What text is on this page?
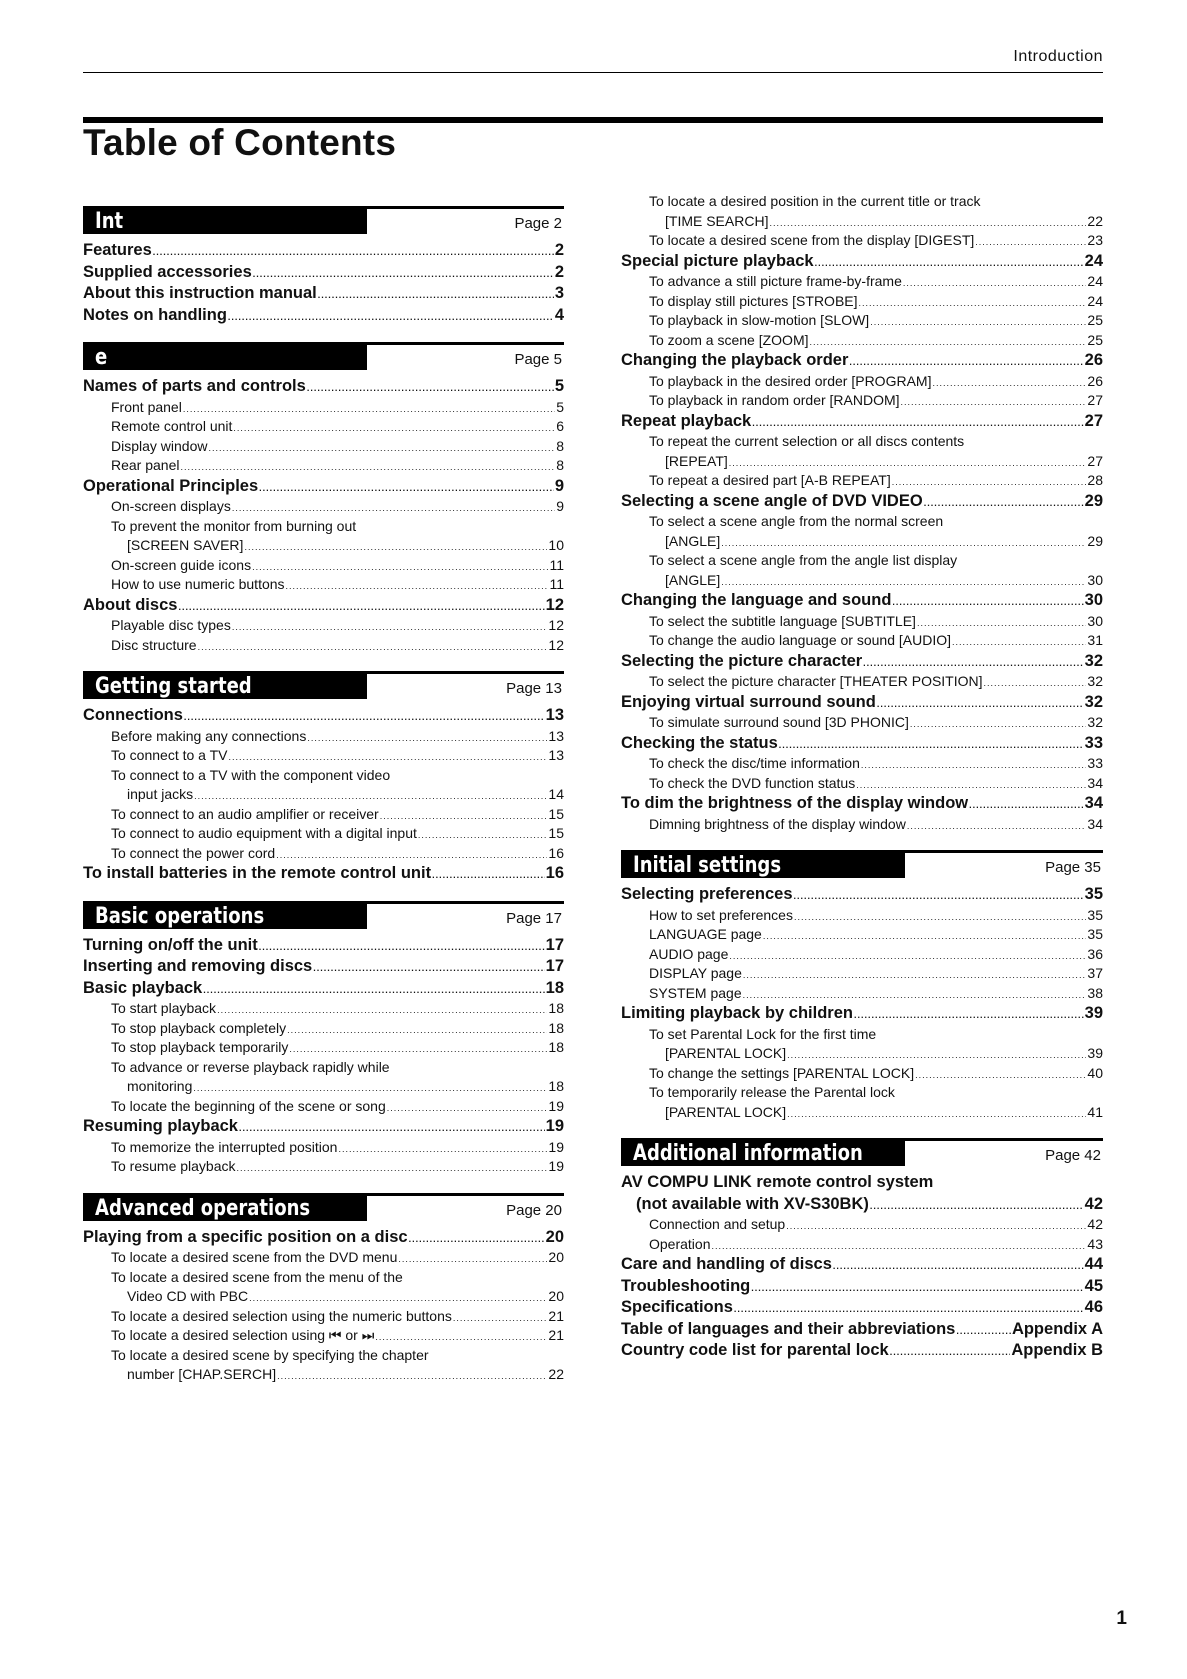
Introduction
Table of Contents
Int	Page 2
Features .....	2
Supplied accessories .....	2
About this instruction manual .....	3
Notes on handling .....	4
e	Page 5
Names of parts and controls .....	5
Front panel .....	5
Remote control unit .....	6
Display window .....	8
Rear panel .....	8
Operational Principles .....	9
On-screen displays .....	9
To prevent the monitor from burning out
[SCREEN SAVER] .....	10
On-screen guide icons .....	11
How to use numeric buttons .....	11
About discs .....	12
Playable disc types .....	12
Disc structure .....	12
Getting started	Page 13
Connections .....	13
Before making any connections .....	13
To connect to a TV .....	13
To connect to a TV with the component video
input jacks .....	14
To connect to an audio amplifier or receiver .....	15
To connect to audio equipment with a digital input .....	15
To connect the power cord .....	16
To install batteries in the remote control unit .....	16
Basic operations	Page 17
Turning on/off the unit .....	17
Inserting and removing discs .....	17
Basic playback .....	18
To start playback .....	18
To stop playback completely .....	18
To stop playback temporarily .....	18
To advance or reverse playback rapidly while
monitoring .....	18
To locate the beginning of the scene or song .....	19
Resuming playback .....	19
To memorize the interrupted position .....	19
To resume playback .....	19
Advanced operations	Page 20
Playing from a specific position on a disc .....	20
To locate a desired scene from the DVD menu .....	20
To locate a desired scene from the menu of the
Video CD with PBC .....	20
To locate a desired selection using the numeric buttons .....	21
To locate a desired selection using ⏮ or ⏭ .....	21
To locate a desired scene by specifying the chapter
number [CHAP.SERCH] .....	22
To locate a desired position in the current title or track
[TIME SEARCH] .....	22
To locate a desired scene from the display [DIGEST] .....	23
Special picture playback .....	24
To advance a still picture frame-by-frame .....	24
To display still pictures [STROBE] .....	24
To playback in slow-motion [SLOW] .....	25
To zoom a scene [ZOOM] .....	25
Changing the playback order .....	26
To playback in the desired order [PROGRAM] .....	26
To playback in random order [RANDOM] .....	27
Repeat playback .....	27
To repeat the current selection or all discs contents
[REPEAT] .....	27
To repeat a desired part [A-B REPEAT] .....	28
Selecting a scene angle of DVD VIDEO .....	29
To select a scene angle from the normal screen
[ANGLE] .....	29
To select a scene angle from the angle list display
[ANGLE] .....	30
Changing the language and sound .....	30
To select the subtitle language [SUBTITLE] .....	30
To change the audio language or sound [AUDIO] .....	31
Selecting the picture character .....	32
To select the picture character [THEATER POSITION] .....	32
Enjoying virtual surround sound .....	32
To simulate surround sound [3D PHONIC] .....	32
Checking the status .....	33
To check the disc/time information .....	33
To check the DVD function status .....	34
To dim the brightness of the display window .....	34
Dimning brightness of the display window .....	34
Initial settings	Page 35
Selecting preferences .....	35
How to set preferences .....	35
LANGUAGE page .....	35
AUDIO page .....	36
DISPLAY page .....	37
SYSTEM page .....	38
Limiting playback by children .....	39
To set Parental Lock for the first time
[PARENTAL LOCK] .....	39
To change the settings [PARENTAL LOCK] .....	40
To temporarily release the Parental lock
[PARENTAL LOCK] .....	41
Additional information	Page 42
AV COMPU LINK remote control system
(not available with XV-S30BK) .....	42
Connection and setup .....	42
Operation .....	43
Care and handling of discs .....	44
Troubleshooting .....	45
Specifications .....	46
Table of languages and their abbreviations .....	Appendix A
Country code list for parental lock .....	Appendix B
1
